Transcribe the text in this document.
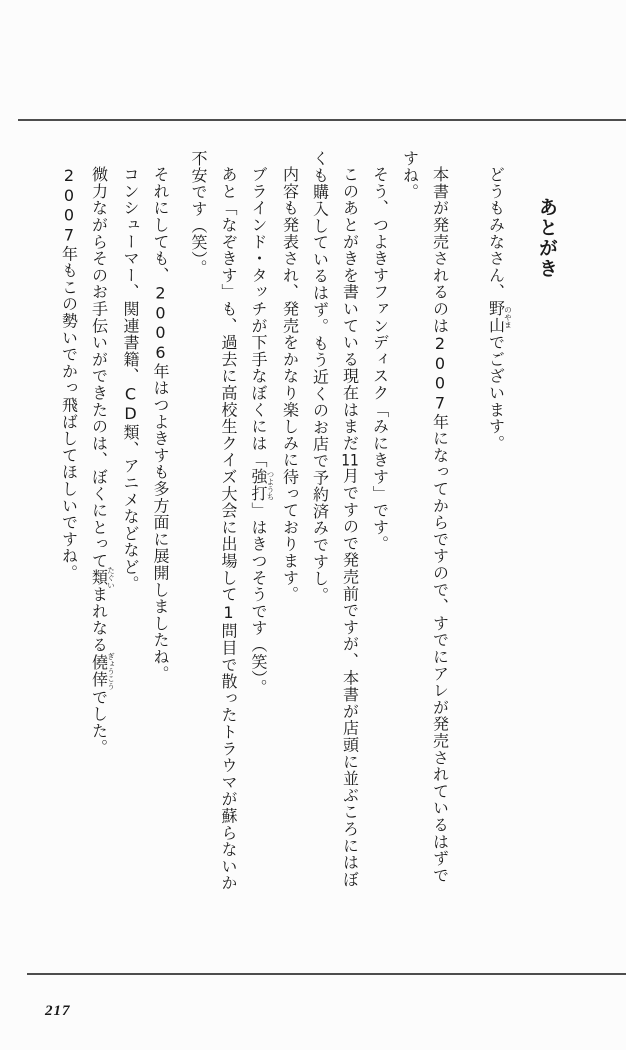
あとがき

どうもみなさん、野山のやまでございます。

本書が発売されるのは2007年になってからですので、すでにアレが発売されているはずですね。

そう、つよきすファンディスク「みにきす」です。

このあとがきを書いている現在はまだ11月ですので発売前ですが、本書が店頭に並ぶころにはぼくも購入しているはず。もう近くのお店で予約済みですし。

内容も発表され、発売をかなり楽しみに待っております。

ブラインド・タッチが下手なぼくには「強打つようち」はきつそうです（笑）。

あと「なぞきす」も、過去に高校生クイズ大会に出場して1問目で散ったトラウマが蘇らないか不安です（笑）。

それにしても、2006年はつよきすも多方面に展開しましたね。

コンシューマー、関連書籍、CD類、アニメなどなど。

微力ながらそのお手伝いができたのは、ぼくにとって類たぐいまれなる僥倖ぎょうこうでした。

2007年もこの勢いでかっ飛ばしてほしいですね。

217
